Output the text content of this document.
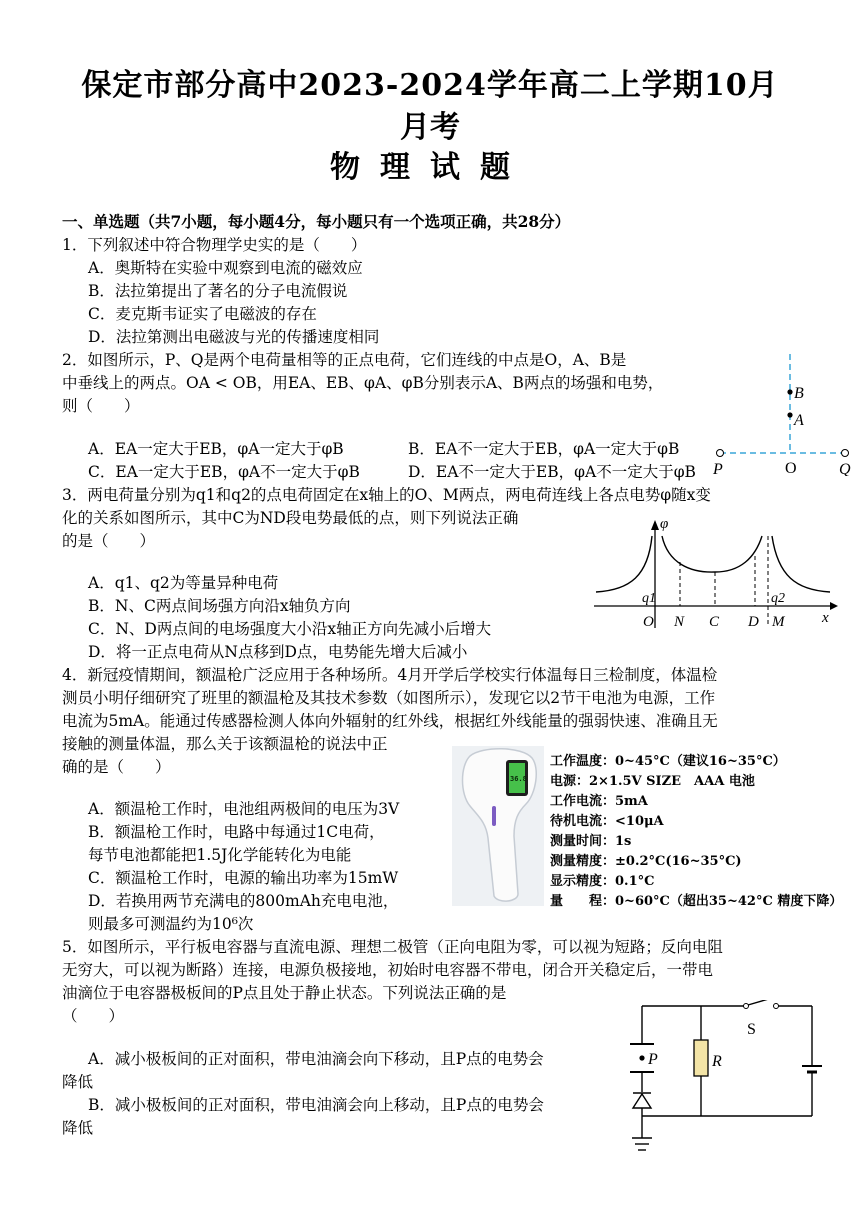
保定市部分高中2023-2024学年高二上学期10月
月考
物理试题
一、单选题（共7小题，每小题4分，每小题只有一个选项正确，共28分）
1．下列叙述中符合物理学史实的是（　　）
A．奥斯特在实验中观察到电流的磁效应
B．法拉第提出了著名的分子电流假说
C．麦克斯韦证实了电磁波的存在
D．法拉第测出电磁波与光的传播速度相同
2．如图所示，P、Q是两个电荷量相等的正点电荷，它们连线的中点是O，A、B是
中垂线上的两点。OA < OB，用EA、EB、φA、φB分别表示A、B两点的场强和电势，
则（　　）
A．EA一定大于EB，φA一定大于φB	B．EA不一定大于EB，φA一定大于φB
C．EA一定大于EB，φA不一定大于φB	D．EA不一定大于EB，φA不一定大于φB
B
A
P	O	Q
3．两电荷量分别为q1和q2的点电荷固定在x轴上的O、M两点，两电荷连线上各点电势φ随x变
化的关系如图所示，其中C为ND段电势最低的点，则下列说法正确
的是（　　）
A．q1、q2为等量异种电荷
B．N、C两点间场强方向沿x轴负方向
C．N、D两点间的电场强度大小沿x轴正方向先减小后增大
D．将一正点电荷从N点移到D点，电势能先增大后减小
φ
q1	q2
O N C D M	x
4．新冠疫情期间，额温枪广泛应用于各种场所。4月开学后学校实行体温每日三检制度，体温检
测员小明仔细研究了班里的额温枪及其技术参数（如图所示），发现它以2节干电池为电源，工作
电流为5mA。能通过传感器检测人体向外辐射的红外线，根据红外线能量的强弱快速、准确且无
接触的测量体温，那么关于该额温枪的说法中正
确的是（　　）
A．额温枪工作时，电池组两极间的电压为3V
B．额温枪工作时，电路中每通过1C电荷，
每节电池都能把1.5J化学能转化为电能
C．额温枪工作时，电源的输出功率为15mW
D．若换用两节充满电的800mAh充电电池，
则最多可测温约为10⁶次
36.8
工作温度：0~45°C（建议16~35°C）
电源：2×1.5V SIZE　AAA 电池
工作电流：5mA
待机电流：<10μA
测量时间：1s
测量精度：±0.2°C(16~35°C)
显示精度：0.1°C
量　　程：0~60°C（超出35~42°C 精度下降）
5．如图所示，平行板电容器与直流电源、理想二极管（正向电阻为零，可以视为短路；反向电阻
无穷大，可以视为断路）连接，电源负极接地，初始时电容器不带电，闭合开关稳定后，一带电
油滴位于电容器极板间的P点且处于静止状态。下列说法正确的是
（　　）
A．减小极板间的正对面积，带电油滴会向下移动，且P点的电势会
降低
B．减小极板间的正对面积，带电油滴会向上移动，且P点的电势会
降低
S
R
P
